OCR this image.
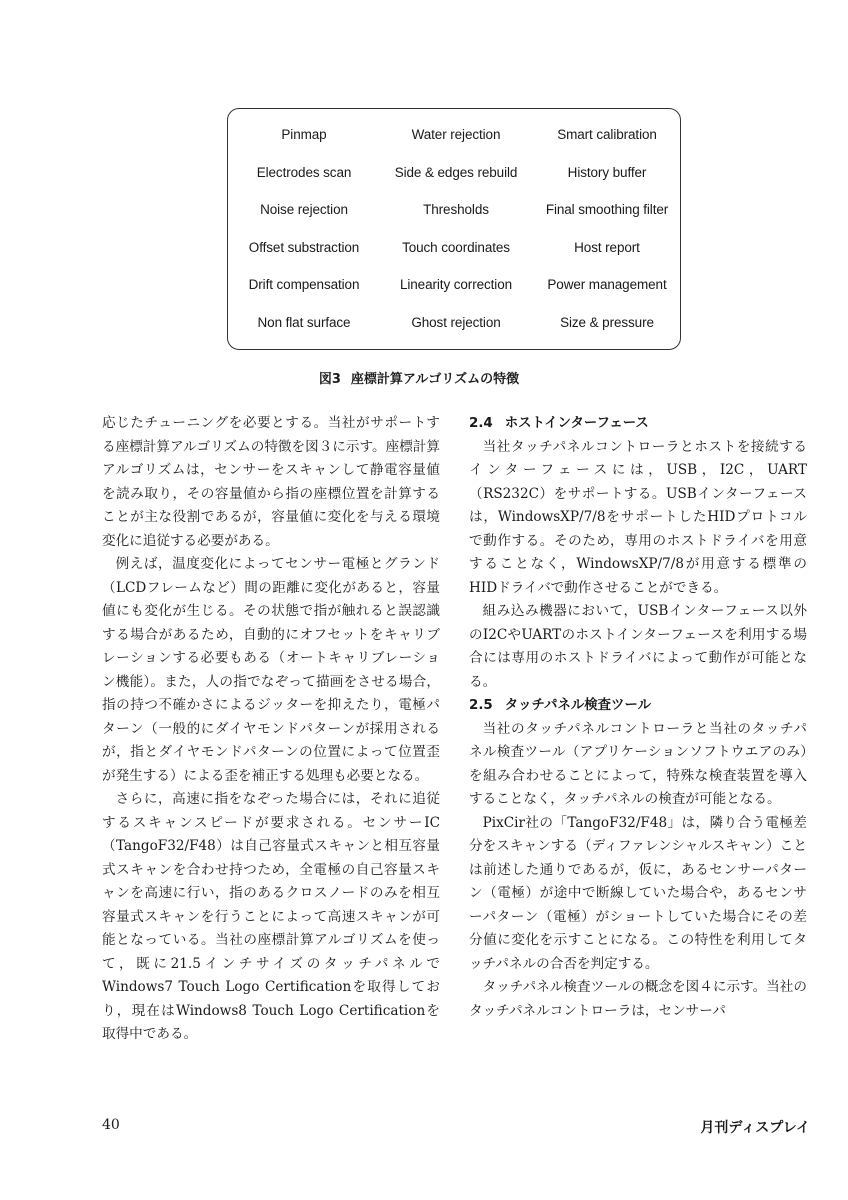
Pinmap	Water rejection	Smart calibration
Electrodes scan	Side & edges rebuild	History buffer
Noise rejection	Thresholds	Final smoothing filter
Offset substraction	Touch coordinates	Host report
Drift compensation	Linearity correction	Power management
Non flat surface	Ghost rejection	Size & pressure
図3 座標計算アルゴリズムの特徴

応じたチューニングを必要とする。当社がサポートする座標計算アルゴリズムの特徴を図３に示す。座標計算アルゴリズムは，センサーをスキャンして静電容量値を読み取り，その容量値から指の座標位置を計算することが主な役割であるが，容量値に変化を与える環境変化に追従する必要がある。

例えば，温度変化によってセンサー電極とグランド（LCDフレームなど）間の距離に変化があると，容量値にも変化が生じる。その状態で指が触れると誤認識する場合があるため，自動的にオフセットをキャリブレーションする必要もある（オートキャリブレーション機能）。また，人の指でなぞって描画をさせる場合，指の持つ不確かさによるジッターを抑えたり，電極パターン（一般的にダイヤモンドパターンが採用されるが，指とダイヤモンドパターンの位置によって位置歪が発生する）による歪を補正する処理も必要となる。

さらに，高速に指をなぞった場合には，それに追従するスキャンスピードが要求される。センサーIC（TangoF32/F48）は自己容量式スキャンと相互容量式スキャンを合わせ持つため，全電極の自己容量スキャンを高速に行い，指のあるクロスノードのみを相互容量式スキャンを行うことによって高速スキャンが可能となっている。当社の座標計算アルゴリズムを使って，既に21.5インチサイズのタッチパネルでWindows7 Touch Logo Certificationを取得しており，現在はWindows8 Touch Logo Certificationを取得中である。

2.4 ホストインターフェース

当社タッチパネルコントローラとホストを接続するインターフェースには，USB，I2C，UART（RS232C）をサポートする。USBインターフェースは，WindowsXP/7/8をサポートしたHIDプロトコルで動作する。そのため，専用のホストドライバを用意することなく，WindowsXP/7/8が用意する標準のHIDドライバで動作させることができる。

組み込み機器において，USBインターフェース以外のI2CやUARTのホストインターフェースを利用する場合には専用のホストドライバによって動作が可能となる。

2.5 タッチパネル検査ツール

当社のタッチパネルコントローラと当社のタッチパネル検査ツール（アプリケーションソフトウエアのみ）を組み合わせることによって，特殊な検査装置を導入することなく，タッチパネルの検査が可能となる。

PixCir社の「TangoF32/F48」は，隣り合う電極差分をスキャンする（ディファレンシャルスキャン）ことは前述した通りであるが，仮に，あるセンサーパターン（電極）が途中で断線していた場合や，あるセンサーパターン（電極）がショートしていた場合にその差分値に変化を示すことになる。この特性を利用してタッチパネルの合否を判定する。

タッチパネル検査ツールの概念を図４に示す。当社のタッチパネルコントローラは，センサーパ

40	月刊ディスプレイ
